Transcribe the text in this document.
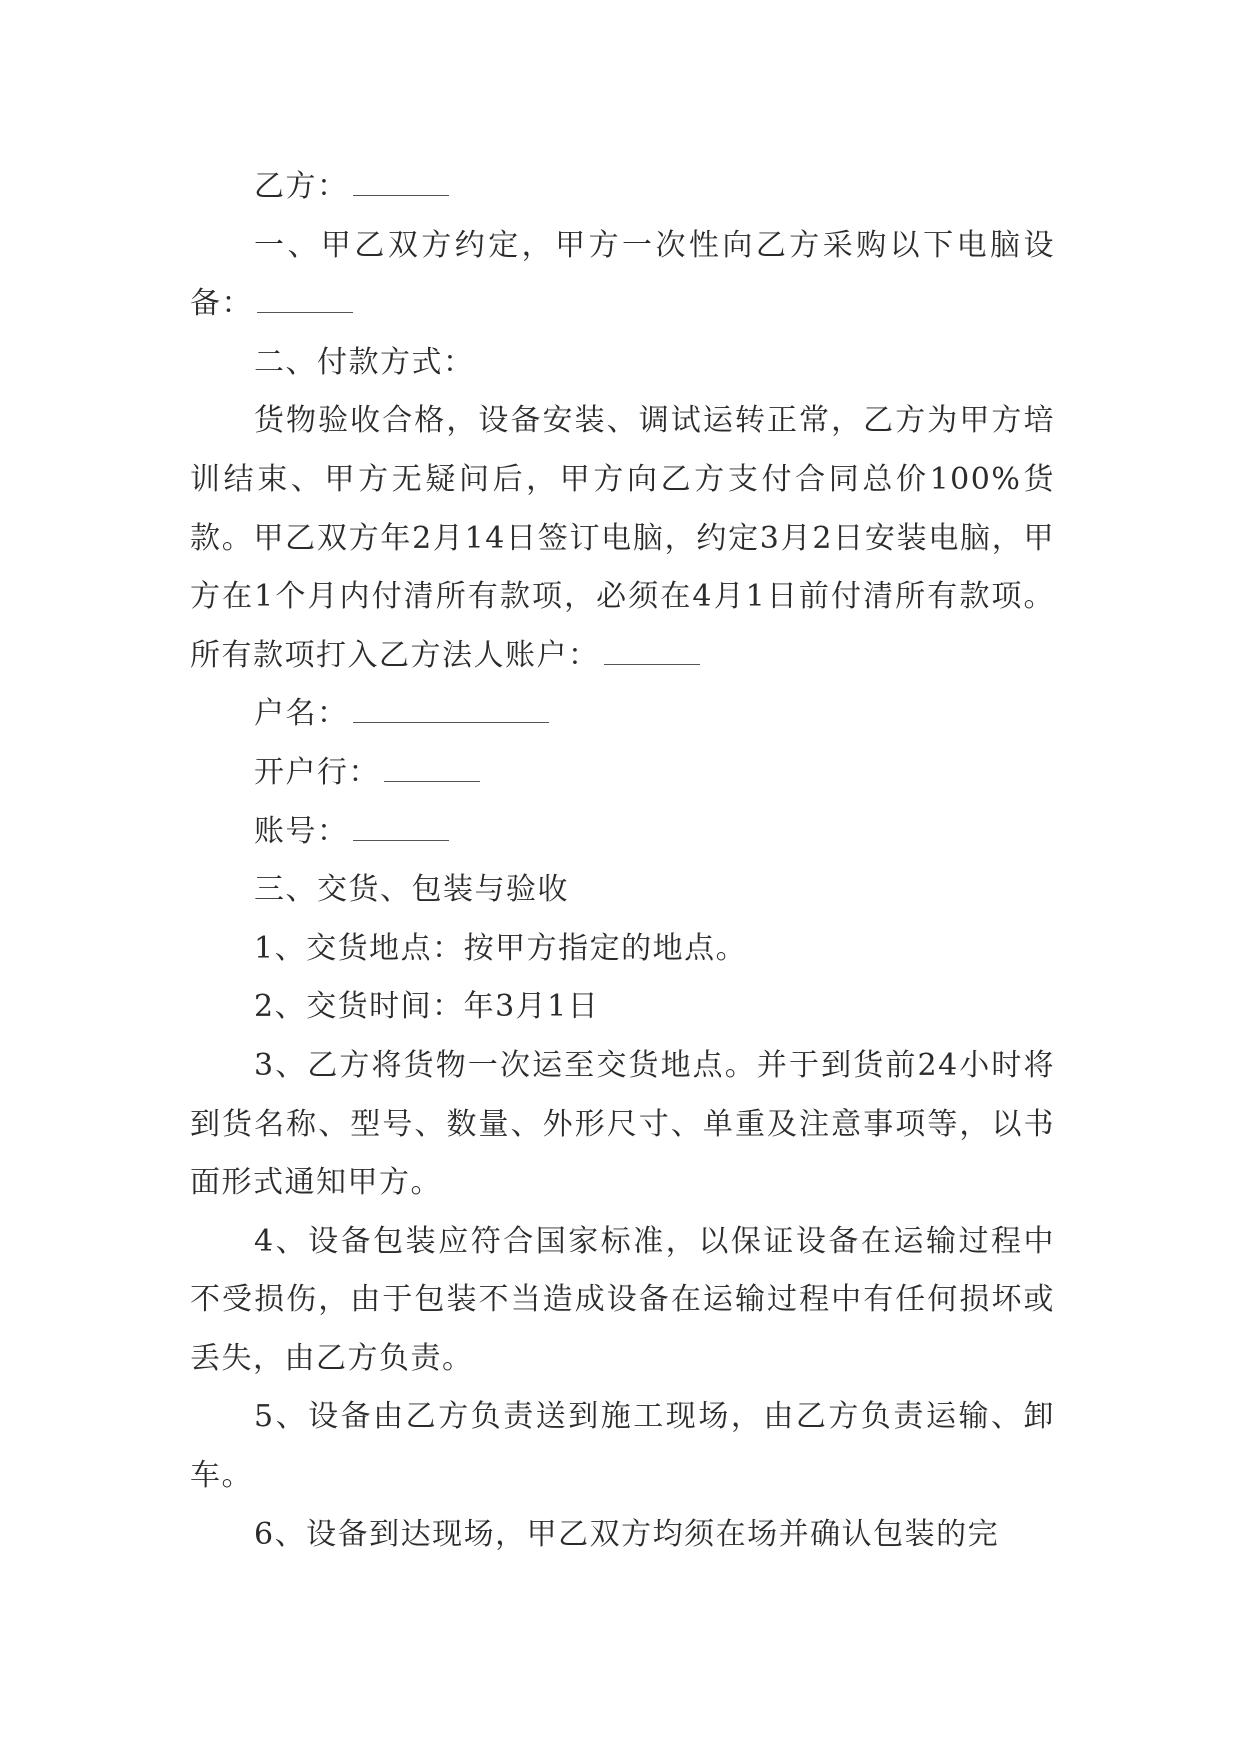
乙方：

一、甲乙双方约定，甲方一次性向乙方采购以下电脑设备：

二、付款方式：

货物验收合格，设备安装、调试运转正常，乙方为甲方培训结束、甲方无疑问后，甲方向乙方支付合同总价100%货款。甲乙双方年2月14日签订电脑，约定3月2日安装电脑，甲方在1个月内付清所有款项，必须在4月1日前付清所有款项。所有款项打入乙方法人账户：

户名：

开户行：

账号：

三、交货、包装与验收

1、交货地点：按甲方指定的地点。

2、交货时间：年3月1日

3、乙方将货物一次运至交货地点。并于到货前24小时将到货名称、型号、数量、外形尺寸、单重及注意事项等，以书面形式通知甲方。

4、设备包装应符合国家标准，以保证设备在运输过程中不受损伤，由于包装不当造成设备在运输过程中有任何损坏或丢失，由乙方负责。

5、设备由乙方负责送到施工现场，由乙方负责运输、卸车。

6、设备到达现场，甲乙双方均须在场并确认包装的完
